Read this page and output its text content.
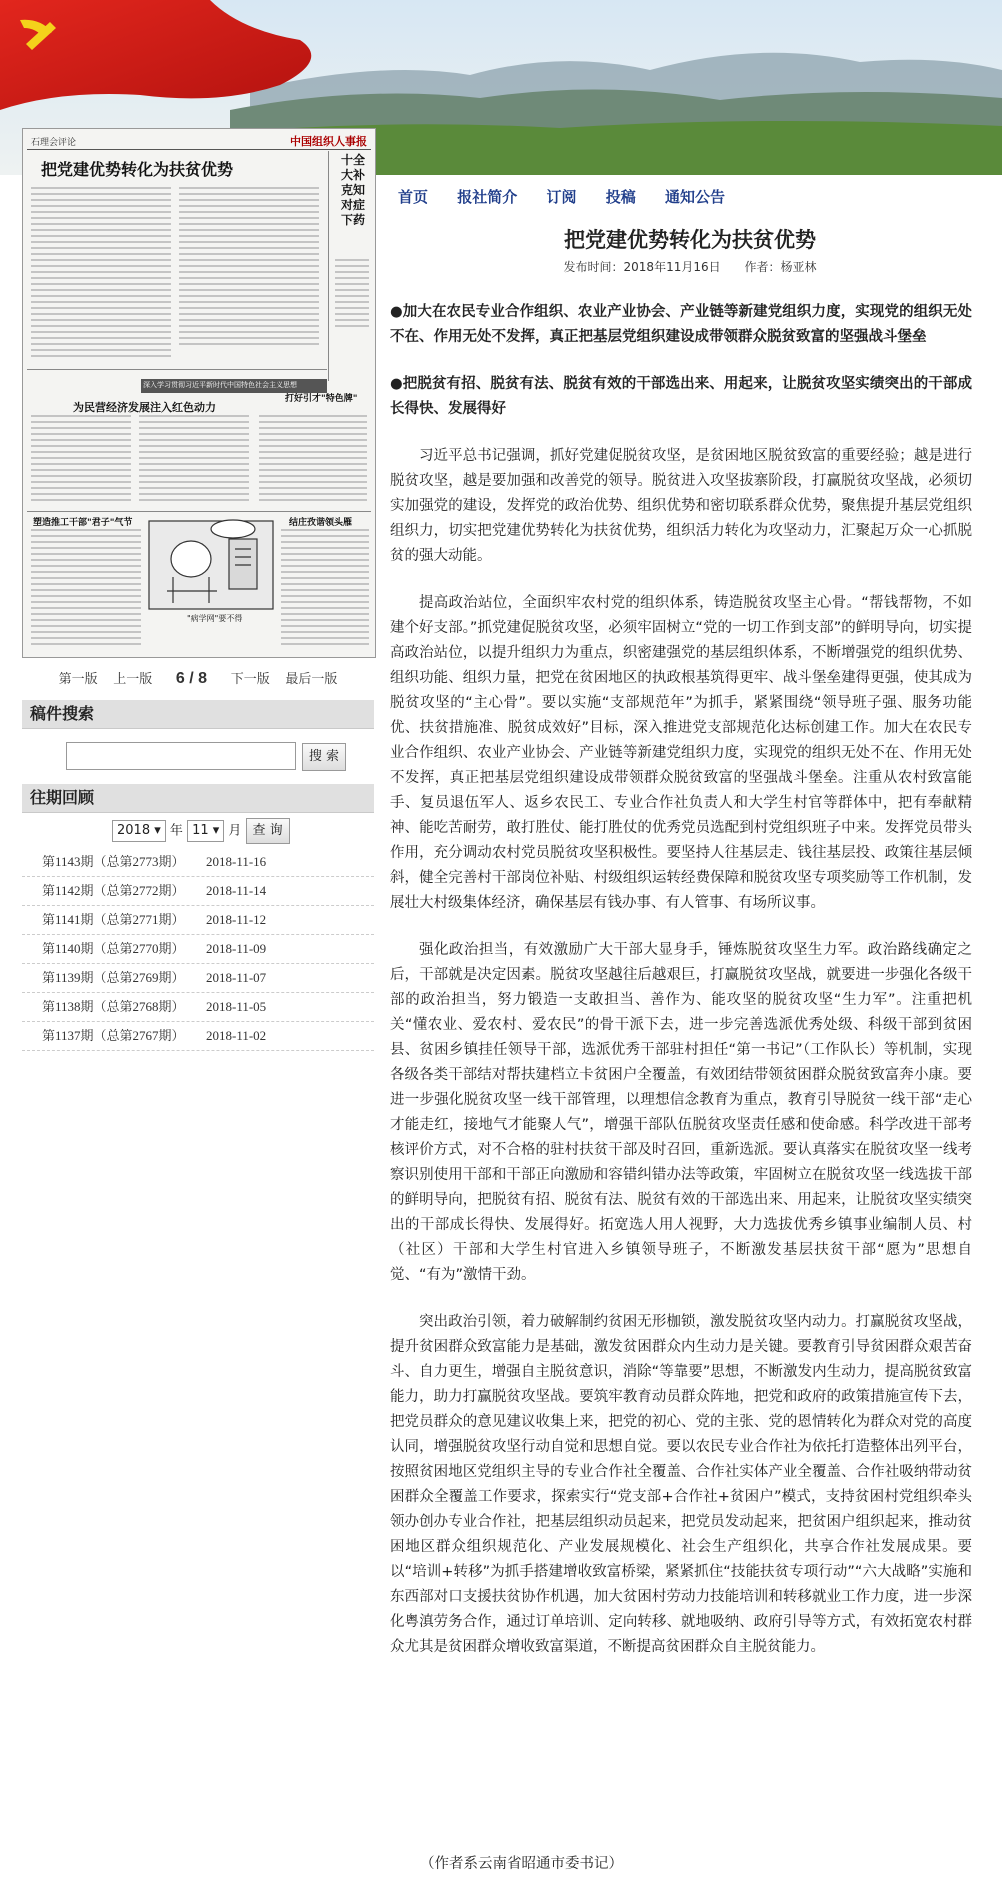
石理会评论	中国组织人事报
把党建优势转化为扶贫优势	十全大补 克知 对症下药
深入学习贯彻习近平新时代中国特色社会主义思想
为民营经济发展注入红色动力
打好引才"特色牌"
塑造推工干部"君子"气节	结庄孜谐领头雁
"病学网"要不得
第一版 上一版 6 / 8 下一版 最后一版
稿件搜索
搜 索
往期回顾
2018 ▾ 年 11 ▾ 月 查 询
第1143期（总第2773期） 2018-11-16
第1142期（总第2772期） 2018-11-14
第1141期（总第2771期） 2018-11-12
第1140期（总第2770期） 2018-11-09
第1139期（总第2769期） 2018-11-07
第1138期（总第2768期） 2018-11-05
第1137期（总第2767期） 2018-11-02
首页 报社简介 订阅 投稿 通知公告
把党建优势转化为扶贫优势
发布时间：2018年11月16日 作者：杨亚林

●加大在农民专业合作组织、农业产业协会、产业链等新建党组织力度，实现党的组织无处不在、作用无处不发挥，真正把基层党组织建设成带领群众脱贫致富的坚强战斗堡垒

●把脱贫有招、脱贫有法、脱贫有效的干部选出来、用起来，让脱贫攻坚实绩突出的干部成长得快、发展得好

习近平总书记强调，抓好党建促脱贫攻坚，是贫困地区脱贫致富的重要经验；越是进行脱贫攻坚，越是要加强和改善党的领导。脱贫进入攻坚拔寨阶段，打赢脱贫攻坚战，必须切实加强党的建设，发挥党的政治优势、组织优势和密切联系群众优势，聚焦提升基层党组织组织力，切实把党建优势转化为扶贫优势，组织活力转化为攻坚动力，汇聚起万众一心抓脱贫的强大动能。

提高政治站位，全面织牢农村党的组织体系，铸造脱贫攻坚主心骨。“帮钱帮物，不如建个好支部。”抓党建促脱贫攻坚，必须牢固树立“党的一切工作到支部”的鲜明导向，切实提高政治站位，以提升组织力为重点，织密建强党的基层组织体系，不断增强党的组织优势、组织功能、组织力量，把党在贫困地区的执政根基筑得更牢、战斗堡垒建得更强，使其成为脱贫攻坚的“主心骨”。要以实施“支部规范年”为抓手，紧紧围绕“领导班子强、服务功能优、扶贫措施准、脱贫成效好”目标，深入推进党支部规范化达标创建工作。加大在农民专业合作组织、农业产业协会、产业链等新建党组织力度，实现党的组织无处不在、作用无处不发挥，真正把基层党组织建设成带领群众脱贫致富的坚强战斗堡垒。注重从农村致富能手、复员退伍军人、返乡农民工、专业合作社负责人和大学生村官等群体中，把有奉献精神、能吃苦耐劳，敢打胜仗、能打胜仗的优秀党员选配到村党组织班子中来。发挥党员带头作用，充分调动农村党员脱贫攻坚积极性。要坚持人往基层走、钱往基层投、政策往基层倾斜，健全完善村干部岗位补贴、村级组织运转经费保障和脱贫攻坚专项奖励等工作机制，发展壮大村级集体经济，确保基层有钱办事、有人管事、有场所议事。

强化政治担当，有效激励广大干部大显身手，锤炼脱贫攻坚生力军。政治路线确定之后，干部就是决定因素。脱贫攻坚越往后越艰巨，打赢脱贫攻坚战，就要进一步强化各级干部的政治担当，努力锻造一支敢担当、善作为、能攻坚的脱贫攻坚“生力军”。注重把机关“懂农业、爱农村、爱农民”的骨干派下去，进一步完善选派优秀处级、科级干部到贫困县、贫困乡镇挂任领导干部，选派优秀干部驻村担任“第一书记”（工作队长）等机制，实现各级各类干部结对帮扶建档立卡贫困户全覆盖，有效团结带领贫困群众脱贫致富奔小康。要进一步强化脱贫攻坚一线干部管理，以理想信念教育为重点，教育引导脱贫一线干部“走心才能走红，接地气才能聚人气”，增强干部队伍脱贫攻坚责任感和使命感。科学改进干部考核评价方式，对不合格的驻村扶贫干部及时召回，重新选派。要认真落实在脱贫攻坚一线考察识别使用干部和干部正向激励和容错纠错办法等政策，牢固树立在脱贫攻坚一线选拔干部的鲜明导向，把脱贫有招、脱贫有法、脱贫有效的干部选出来、用起来，让脱贫攻坚实绩突出的干部成长得快、发展得好。拓宽选人用人视野，大力选拔优秀乡镇事业编制人员、村（社区）干部和大学生村官进入乡镇领导班子，不断激发基层扶贫干部“愿为”思想自觉、“有为”激情干劲。

突出政治引领，着力破解制约贫困无形枷锁，激发脱贫攻坚内动力。打赢脱贫攻坚战，提升贫困群众致富能力是基础，激发贫困群众内生动力是关键。要教育引导贫困群众艰苦奋斗、自力更生，增强自主脱贫意识，消除“等靠要”思想，不断激发内生动力，提高脱贫致富能力，助力打赢脱贫攻坚战。要筑牢教育动员群众阵地，把党和政府的政策措施宣传下去，把党员群众的意见建议收集上来，把党的初心、党的主张、党的恩情转化为群众对党的高度认同，增强脱贫攻坚行动自觉和思想自觉。要以农民专业合作社为依托打造整体出列平台，按照贫困地区党组织主导的专业合作社全覆盖、合作社实体产业全覆盖、合作社吸纳带动贫困群众全覆盖工作要求，探索实行“党支部+合作社+贫困户”模式，支持贫困村党组织牵头领办创办专业合作社，把基层组织动员起来，把党员发动起来，把贫困户组织起来，推动贫困地区群众组织规范化、产业发展规模化、社会生产组织化，共享合作社发展成果。要以“培训+转移”为抓手搭建增收致富桥梁，紧紧抓住“技能扶贫专项行动”“六大战略”实施和东西部对口支援扶贫协作机遇，加大贫困村劳动力技能培训和转移就业工作力度，进一步深化粤滇劳务合作，通过订单培训、定向转移、就地吸纳、政府引导等方式，有效拓宽农村群众尤其是贫困群众增收致富渠道，不断提高贫困群众自主脱贫能力。

（作者系云南省昭通市委书记）
